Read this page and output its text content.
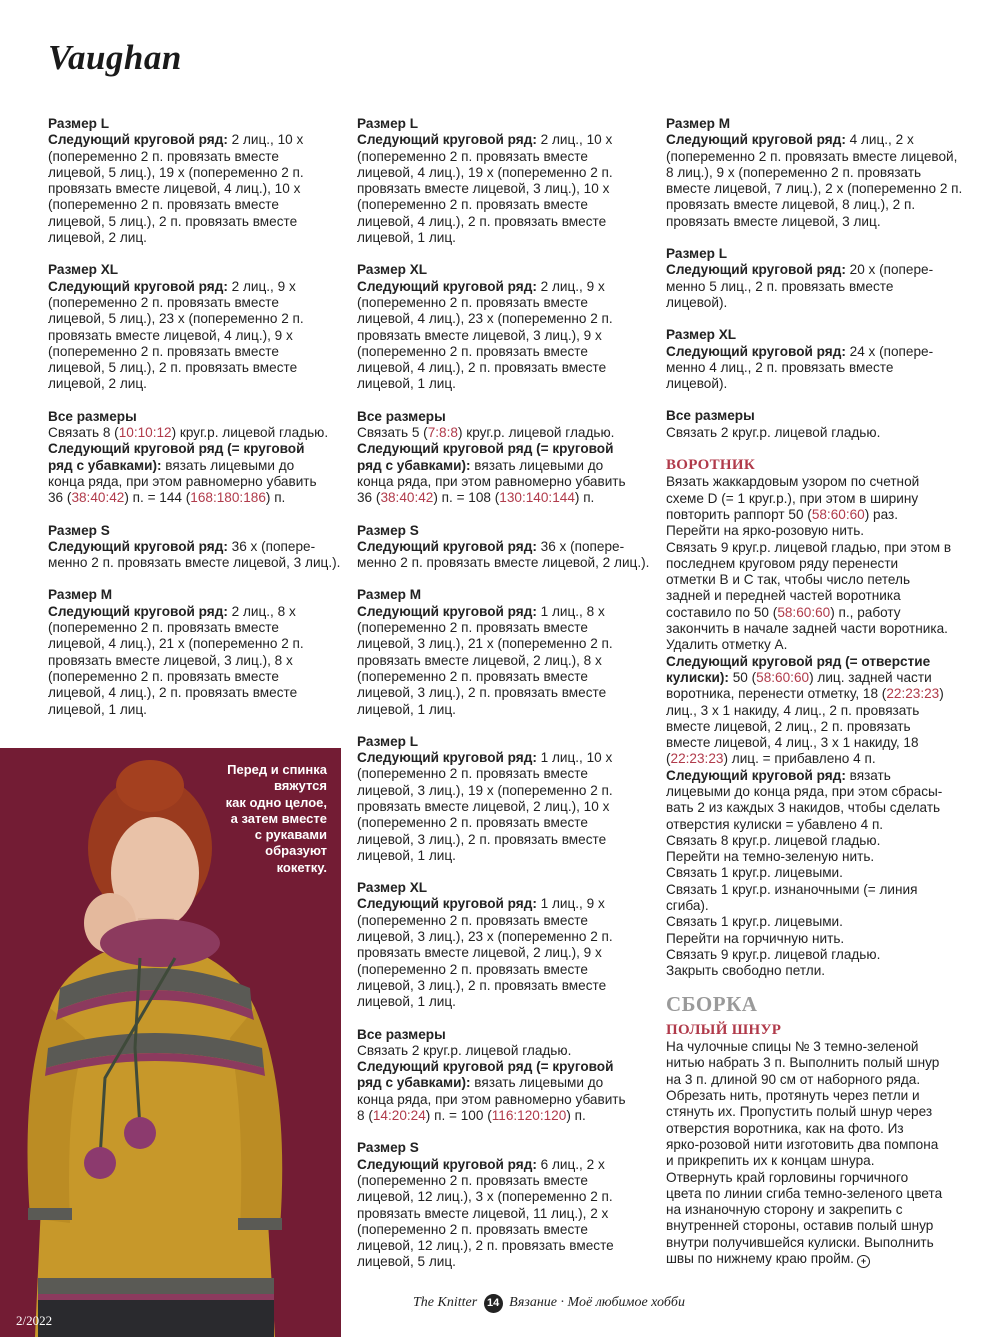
Vaughan
Размер L
Следующий круговой ряд: 2 лиц., 10 х
(попеременно 2 п. провязать вместе
лицевой, 5 лиц.), 19 х (попеременно 2 п.
провязать вместе лицевой, 4 лиц.), 10 х
(попеременно 2 п. провязать вместе
лицевой, 5 лиц.), 2 п. провязать вместе
лицевой, 2 лиц.
Размер XL
Следующий круговой ряд: 2 лиц., 9 х
(попеременно 2 п. провязать вместе
лицевой, 5 лиц.), 23 х (попеременно 2 п.
провязать вместе лицевой, 4 лиц.), 9 х
(попеременно 2 п. провязать вместе
лицевой, 5 лиц.), 2 п. провязать вместе
лицевой, 2 лиц.
Все размеры
Связать 8 (10:10:12) круг.р. лицевой гладью.
Следующий круговой ряд (= круговой
ряд с убавками): вязать лицевыми до
конца ряда, при этом равномерно убавить
36 (38:40:42) п. = 144 (168:180:186) п.
Размер S
Следующий круговой ряд: 36 х (попере-
менно 2 п. провязать вместе лицевой, 3 лиц.).
Размер M
Следующий круговой ряд: 2 лиц., 8 х
(попеременно 2 п. провязать вместе
лицевой, 4 лиц.), 21 х (попеременно 2 п.
провязать вместе лицевой, 3 лиц.), 8 х
(попеременно 2 п. провязать вместе
лицевой, 4 лиц.), 2 п. провязать вместе
лицевой, 1 лиц.
Размер L
Следующий круговой ряд: 2 лиц., 10 х
(попеременно 2 п. провязать вместе
лицевой, 4 лиц.), 19 х (попеременно 2 п.
провязать вместе лицевой, 3 лиц.), 10 х
(попеременно 2 п. провязать вместе
лицевой, 4 лиц.), 2 п. провязать вместе
лицевой, 1 лиц.
Размер XL
Следующий круговой ряд: 2 лиц., 9 х
(попеременно 2 п. провязать вместе
лицевой, 4 лиц.), 23 х (попеременно 2 п.
провязать вместе лицевой, 3 лиц.), 9 х
(попеременно 2 п. провязать вместе
лицевой, 4 лиц.), 2 п. провязать вместе
лицевой, 1 лиц.
Все размеры
Связать 5 (7:8:8) круг.р. лицевой гладью.
Следующий круговой ряд (= круговой
ряд с убавками): вязать лицевыми до
конца ряда, при этом равномерно убавить
36 (38:40:42) п. = 108 (130:140:144) п.
Размер S
Следующий круговой ряд: 36 х (попере-
менно 2 п. провязать вместе лицевой, 2 лиц.).
Размер M
Следующий круговой ряд: 1 лиц., 8 х
(попеременно 2 п. провязать вместе
лицевой, 3 лиц.), 21 х (попеременно 2 п.
провязать вместе лицевой, 2 лиц.), 8 х
(попеременно 2 п. провязать вместе
лицевой, 3 лиц.), 2 п. провязать вместе
лицевой, 1 лиц.
Размер L
Следующий круговой ряд: 1 лиц., 10 х
(попеременно 2 п. провязать вместе
лицевой, 3 лиц.), 19 х (попеременно 2 п.
провязать вместе лицевой, 2 лиц.), 10 х
(попеременно 2 п. провязать вместе
лицевой, 3 лиц.), 2 п. провязать вместе
лицевой, 1 лиц.
Размер XL
Следующий круговой ряд: 1 лиц., 9 х
(попеременно 2 п. провязать вместе
лицевой, 3 лиц.), 23 х (попеременно 2 п.
провязать вместе лицевой, 2 лиц.), 9 х
(попеременно 2 п. провязать вместе
лицевой, 3 лиц.), 2 п. провязать вместе
лицевой, 1 лиц.
Все размеры
Связать 2 круг.р. лицевой гладью.
Следующий круговой ряд (= круговой
ряд с убавками): вязать лицевыми до
конца ряда, при этом равномерно убавить
8 (14:20:24) п. = 100 (116:120:120) п.
Размер S
Следующий круговой ряд: 6 лиц., 2 х
(попеременно 2 п. провязать вместе
лицевой, 12 лиц.), 3 х (попеременно 2 п.
провязать вместе лицевой, 11 лиц.), 2 х
(попеременно 2 п. провязать вместе
лицевой, 12 лиц.), 2 п. провязать вместе
лицевой, 5 лиц.
Размер M
Следующий круговой ряд: 4 лиц., 2 х
(попеременно 2 п. провязать вместе лицевой,
8 лиц.), 9 х (попеременно 2 п. провязать
вместе лицевой, 7 лиц.), 2 х (попеременно 2 п.
провязать вместе лицевой, 8 лиц.), 2 п.
провязать вместе лицевой, 3 лиц.
Размер L
Следующий круговой ряд: 20 х (попере-
менно 5 лиц., 2 п. провязать вместе
лицевой).
Размер XL
Следующий круговой ряд: 24 х (попере-
менно 4 лиц., 2 п. провязать вместе
лицевой).
Все размеры
Связать 2 круг.р. лицевой гладью.
ВОРОТНИК
Вязать жаккардовым узором по счетной
схеме D (= 1 круг.р.), при этом в ширину
повторить раппорт 50 (58:60:60) раз.
Перейти на ярко-розовую нить.
Связать 9 круг.р. лицевой гладью, при этом в
последнем круговом ряду перенести
отметки В и С так, чтобы число петель
задней и передней частей воротника
составило по 50 (58:60:60) п., работу
закончить в начале задней части воротника.
Удалить отметку А.
Следующий круговой ряд (= отверстие
кулиски): 50 (58:60:60) лиц. задней части
воротника, перенести отметку, 18 (22:23:23)
лиц., 3 х 1 накиду, 4 лиц., 2 п. провязать
вместе лицевой, 2 лиц., 2 п. провязать
вместе лицевой, 4 лиц., 3 х 1 накиду, 18
(22:23:23) лиц. = прибавлено 4 п.
Следующий круговой ряд: вязать
лицевыми до конца ряда, при этом сбрасы-
вать 2 из каждых 3 накидов, чтобы сделать
отверстия кулиски = убавлено 4 п.
Связать 8 круг.р. лицевой гладью.
Перейти на темно-зеленую нить.
Связать 1 круг.р. лицевыми.
Связать 1 круг.р. изнаночными (= линия
сгиба).
Связать 1 круг.р. лицевыми.
Перейти на горчичную нить.
Связать 9 круг.р. лицевой гладью.
Закрыть свободно петли.
СБОРКА
ПОЛЫЙ ШНУР
На чулочные спицы № 3 темно-зеленой
нитью набрать 3 п. Выполнить полый шнур
на 3 п. длиной 90 см от наборного ряда.
Обрезать нить, протянуть через петли и
стянуть их. Пропустить полый шнур через
отверстия воротника, как на фото. Из
ярко-розовой нити изготовить два помпона
и прикрепить их к концам шнура.
Отвернуть край горловины горчичного
цвета по линии сгиба темно-зеленого цвета
на изнаночную сторону и закрепить с
внутренней стороны, оставив полый шнур
внутри получившейся кулиски. Выполнить
швы по нижнему краю пройм. +
Перед и спинка
вяжутся
как одно целое,
а затем вместе
с рукавами
образуют
кокетку.
2/2022
The Knitter 14 Вязание · Моё любимое хобби
